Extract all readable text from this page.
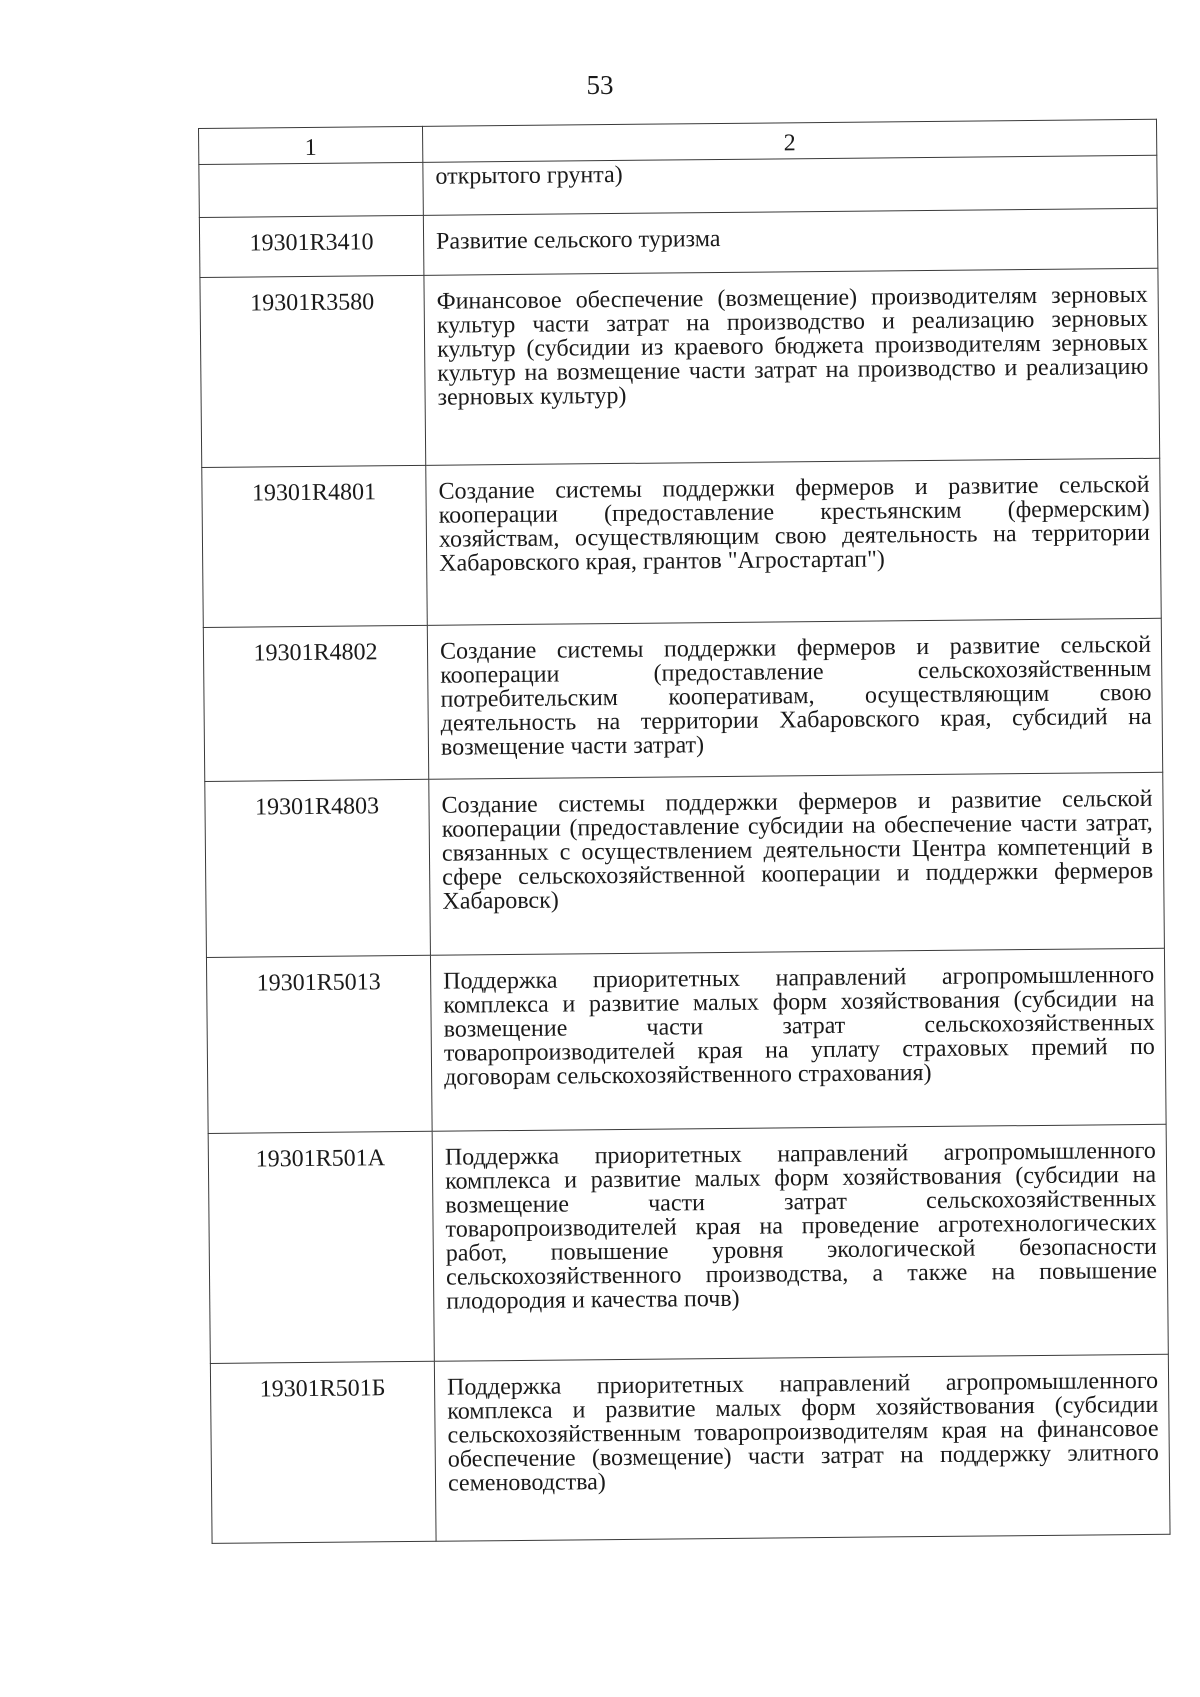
53
1	2
	открытого грунта)
19301R3410	Развитие сельского туризма
19301R3580	Финансовое обеспечение (возмещение) производителям зерновых культур части затрат на производство и реализацию зерновых культур (субсидии из краевого бюджета производителям зерновых культур на возмещение части затрат на производство и реализацию зерновых культур)
19301R4801	Создание системы поддержки фермеров и развитие сельской кооперации (предоставление крестьянским (фермерским) хозяйствам, осуществляющим свою деятельность на территории Хабаровского края, грантов "Агростартап")
19301R4802	Создание системы поддержки фермеров и развитие сельской кооперации (предоставление сельскохозяйственным потребительским кооперативам, осуществляющим свою деятельность на территории Хабаровского края, субсидий на возмещение части затрат)
19301R4803	Создание системы поддержки фермеров и развитие сельской кооперации (предоставление субсидии на обеспечение части затрат, связанных с осуществлением деятельности Центра компетенций в сфере сельскохозяйственной кооперации и поддержки фермеров Хабаровск)
19301R5013	Поддержка приоритетных направлений агропромышленного комплекса и развитие малых форм хозяйствования (субсидии на возмещение части затрат сельскохозяйственных товаропроизводителей края на уплату страховых премий по договорам сельскохозяйственного страхования)
19301R501А	Поддержка приоритетных направлений агропромышленного комплекса и развитие малых форм хозяйствования (субсидии на возмещение части затрат сельскохозяйственных товаропроизводителей края на проведение агротехнологических работ, повышение уровня экологической безопасности сельскохозяйственного производства, а также на повышение плодородия и качества почв)
19301R501Б	Поддержка приоритетных направлений агропромышленного комплекса и развитие малых форм хозяйствования (субсидии сельскохозяйственным товаропроизводителям края на финансовое обеспечение (возмещение) части затрат на поддержку элитного семеноводства)
